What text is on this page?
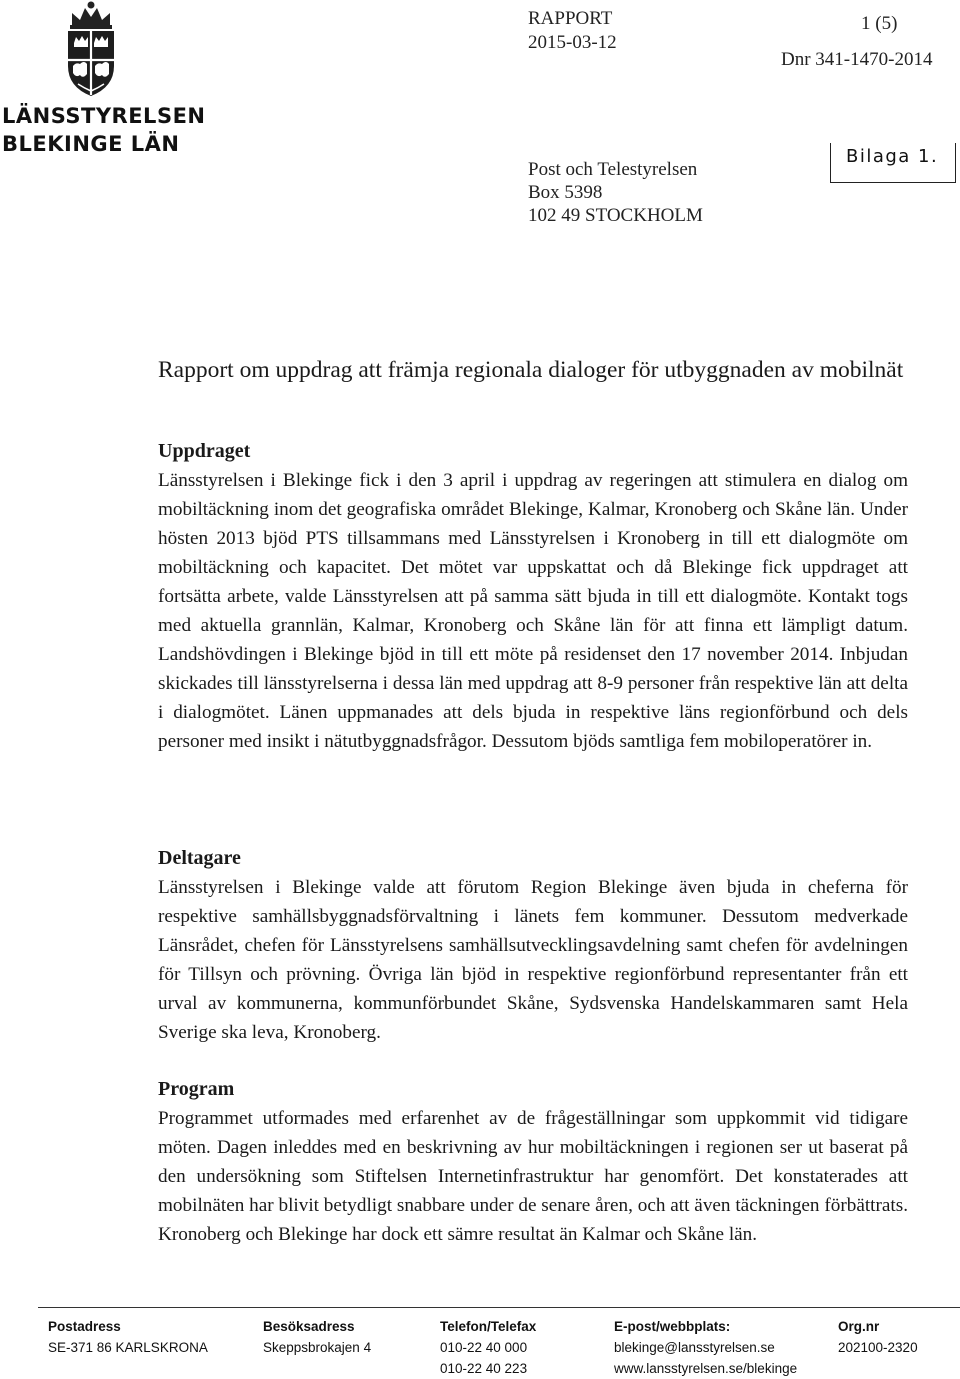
LÄNSSTYRELSEN
BLEKINGE LÄN
RAPPORT
2015-03-12
1 (5)
Dnr 341-1470-2014
Post och Telestyrelsen
Box 5398
102 49 STOCKHOLM
Bilaga 1.
Rapport om uppdrag att främja regionala dialoger för utbyggnaden av mobilnät
Uppdraget

Länsstyrelsen i Blekinge fick i den 3 april i uppdrag av regeringen att stimulera en dialog om mobiltäckning inom det geografiska området Blekinge, Kalmar, Kronoberg och Skåne län. Under hösten 2013 bjöd PTS tillsammans med Länsstyrelsen i Kronoberg in till ett dialogmöte om mobiltäckning och kapacitet. Det mötet var uppskattat och då Blekinge fick uppdraget att fortsätta arbete, valde Länsstyrelsen att på samma sätt bjuda in till ett dialogmöte. Kontakt togs med aktuella grannlän, Kalmar, Kronoberg och Skåne län för att finna ett lämpligt datum. Landshövdingen i Blekinge bjöd in till ett möte på residenset den 17 november 2014. Inbjudan skickades till länsstyrelserna i dessa län med uppdrag att 8-9 personer från respektive län att delta i dialogmötet. Länen uppmanades att dels bjuda in respektive läns regionförbund och dels personer med insikt i nätutbyggnadsfrågor. Dessutom bjöds samtliga fem mobiloperatörer in.

Deltagare

Länsstyrelsen i Blekinge valde att förutom Region Blekinge även bjuda in cheferna för respektive samhällsbyggnadsförvaltning i länets fem kommuner. Dessutom medverkade Länsrådet, chefen för Länsstyrelsens samhällsutvecklingsavdelning samt chefen för avdelningen för Tillsyn och prövning. Övriga län bjöd in respektive regionförbund representanter från ett urval av kommunerna, kommunförbundet Skåne, Sydsvenska Handelskammaren samt Hela Sverige ska leva, Kronoberg.

Program

Programmet utformades med erfarenhet av de frågeställningar som uppkommit vid tidigare möten. Dagen inleddes med en beskrivning av hur mobiltäckningen i regionen ser ut baserat på den undersökning som Stiftelsen Internetinfrastruktur har genomfört. Det konstaterades att mobilnäten har blivit betydligt snabbare under de senare åren, och att även täckningen förbättrats. Kronoberg och Blekinge har dock ett sämre resultat än Kalmar och Skåne län.

Postadress
SE-371 86 KARLSKRONA
Besöksadress
Skeppsbrokajen 4
Telefon/Telefax
010-22 40 000
010-22 40 223
E-post/webbplats:
blekinge@lansstyrelsen.se
www.lansstyrelsen.se/blekinge
Org.nr
202100-2320
